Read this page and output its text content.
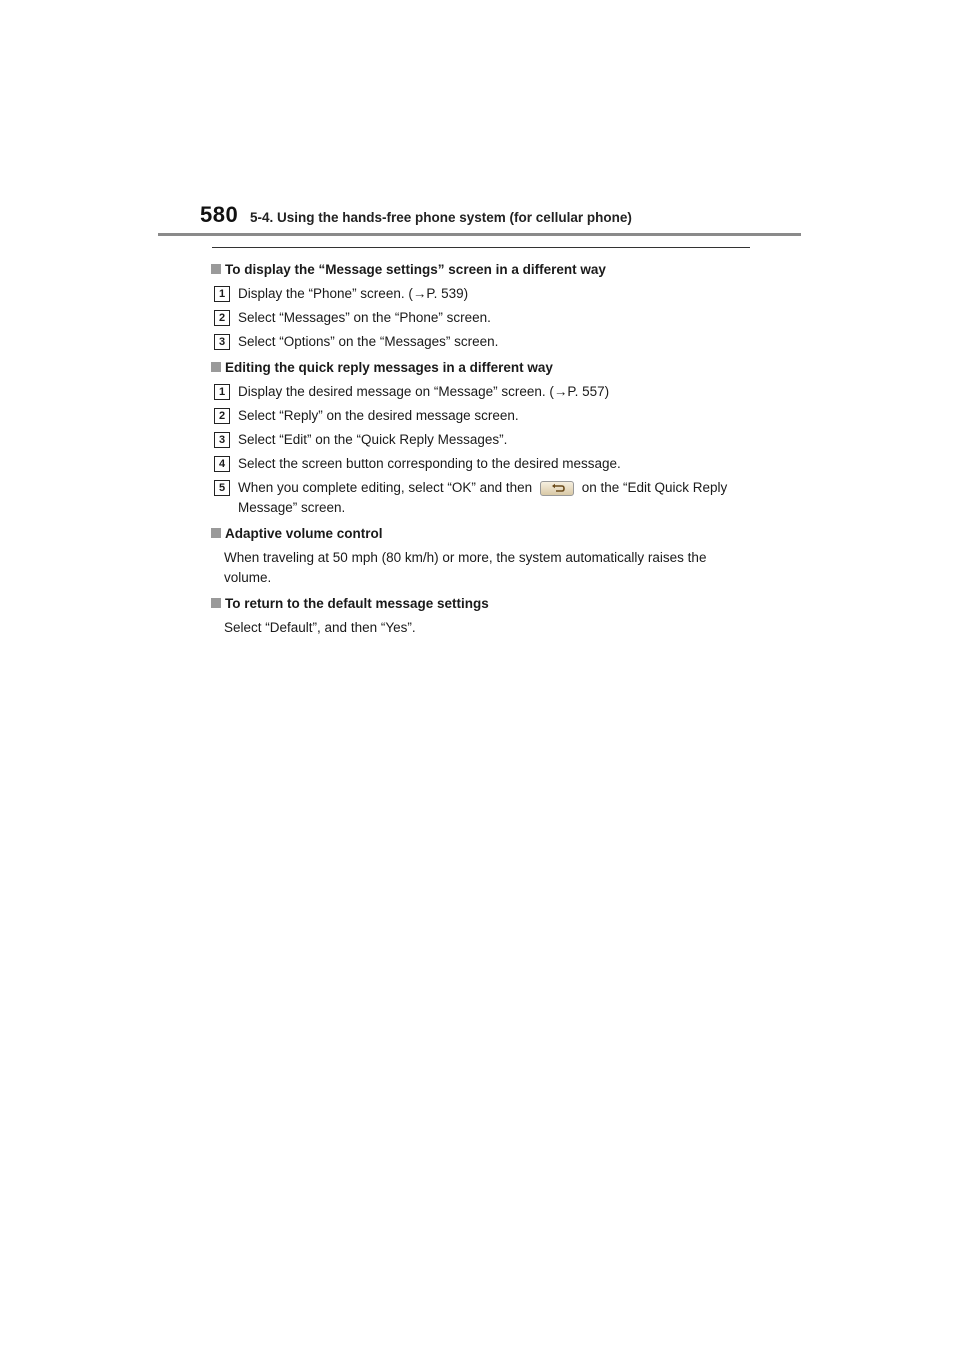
580 5-4. Using the hands-free phone system (for cellular phone)
To display the “Message settings” screen in a different way
1 Display the “Phone” screen. (→P. 539)
2 Select “Messages” on the “Phone” screen.
3 Select “Options” on the “Messages” screen.
Editing the quick reply messages in a different way
1 Display the desired message on “Message” screen. (→P. 557)
2 Select “Reply” on the desired message screen.
3 Select “Edit” on the “Quick Reply Messages”.
4 Select the screen button corresponding to the desired message.
5 When you complete editing, select “OK” and then	on the “Edit Quick Reply Message” screen.
Adaptive volume control
When traveling at 50 mph (80 km/h) or more, the system automatically raises the volume.
To return to the default message settings
Select “Default”, and then “Yes”.
